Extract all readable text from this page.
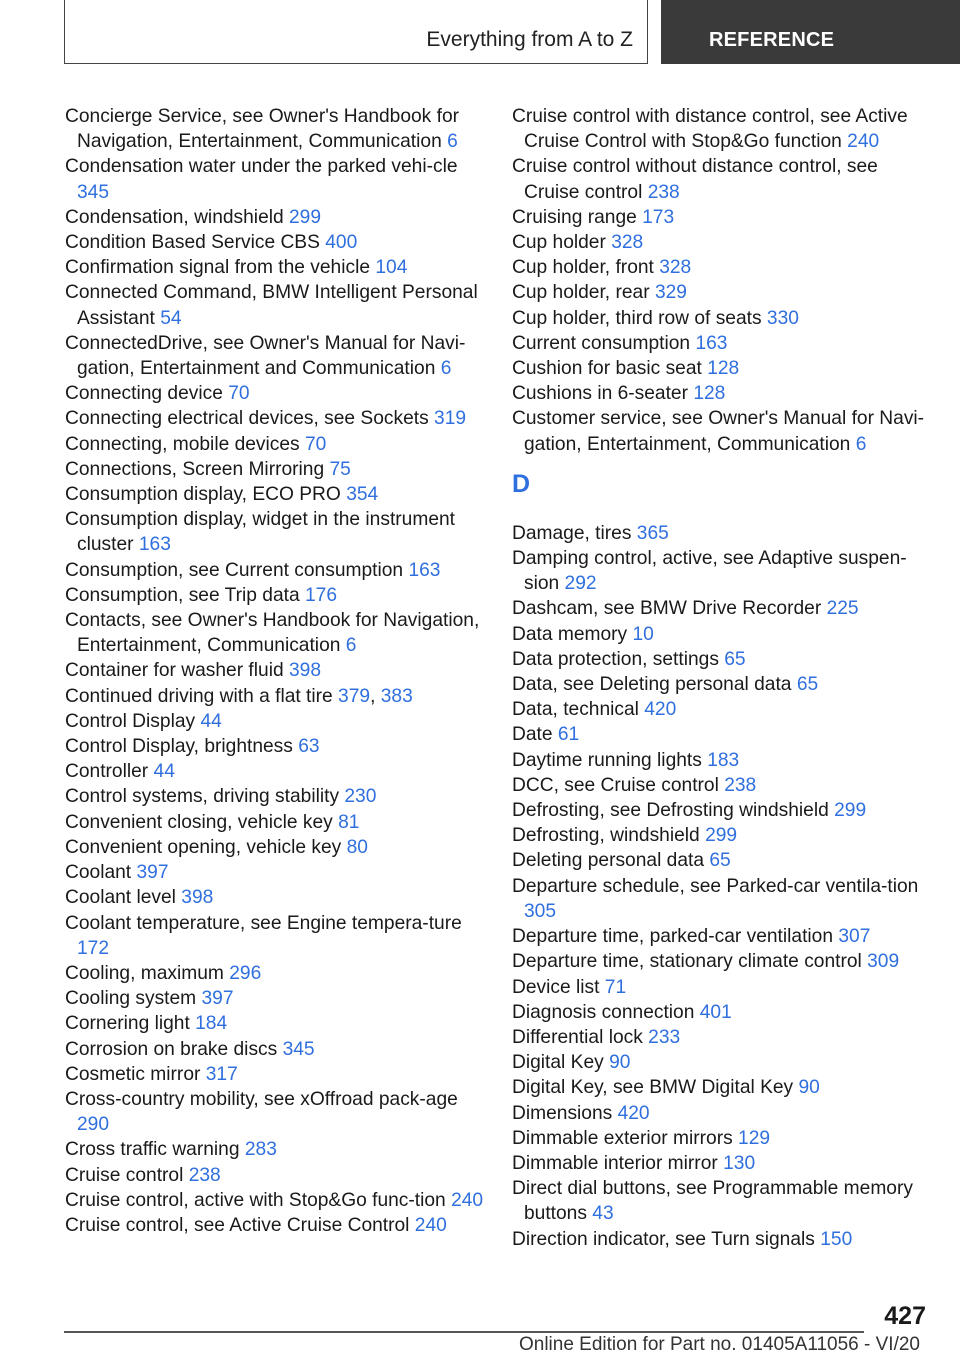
Everything from A to Z	REFERENCE
Concierge Service, see Owner's Handbook for Navigation, Entertainment, Communication 6
Condensation water under the parked vehi‐cle 345
Condensation, windshield 299
Condition Based Service CBS 400
Confirmation signal from the vehicle 104
Connected Command, BMW Intelligent Personal Assistant 54
ConnectedDrive, see Owner's Manual for Navi‐gation, Entertainment and Communication 6
Connecting device 70
Connecting electrical devices, see Sockets 319
Connecting, mobile devices 70
Connections, Screen Mirroring 75
Consumption display, ECO PRO 354
Consumption display, widget in the instrument cluster 163
Consumption, see Current consumption 163
Consumption, see Trip data 176
Contacts, see Owner's Handbook for Navigation, Entertainment, Communication 6
Container for washer fluid 398
Continued driving with a flat tire 379, 383
Control Display 44
Control Display, brightness 63
Controller 44
Control systems, driving stability 230
Convenient closing, vehicle key 81
Convenient opening, vehicle key 80
Coolant 397
Coolant level 398
Coolant temperature, see Engine tempera‐ture 172
Cooling, maximum 296
Cooling system 397
Cornering light 184
Corrosion on brake discs 345
Cosmetic mirror 317
Cross-country mobility, see xOffroad pack‐age 290
Cross traffic warning 283
Cruise control 238
Cruise control, active with Stop&Go func‐tion 240
Cruise control, see Active Cruise Control 240
Cruise control with distance control, see Active Cruise Control with Stop&Go function 240
Cruise control without distance control, see Cruise control 238
Cruising range 173
Cup holder 328
Cup holder, front 328
Cup holder, rear 329
Cup holder, third row of seats 330
Current consumption 163
Cushion for basic seat 128
Cushions in 6-seater 128
Customer service, see Owner's Manual for Navi‐gation, Entertainment, Communication 6
D
Damage, tires 365
Damping control, active, see Adaptive suspen‐sion 292
Dashcam, see BMW Drive Recorder 225
Data memory 10
Data protection, settings 65
Data, see Deleting personal data 65
Data, technical 420
Date 61
Daytime running lights 183
DCC, see Cruise control 238
Defrosting, see Defrosting windshield 299
Defrosting, windshield 299
Deleting personal data 65
Departure schedule, see Parked-car ventila‐tion 305
Departure time, parked-car ventilation 307
Departure time, stationary climate control 309
Device list 71
Diagnosis connection 401
Differential lock 233
Digital Key 90
Digital Key, see BMW Digital Key 90
Dimensions 420
Dimmable exterior mirrors 129
Dimmable interior mirror 130
Direct dial buttons, see Programmable memory buttons 43
Direction indicator, see Turn signals 150
427
Online Edition for Part no. 01405A11056 - VI/20
